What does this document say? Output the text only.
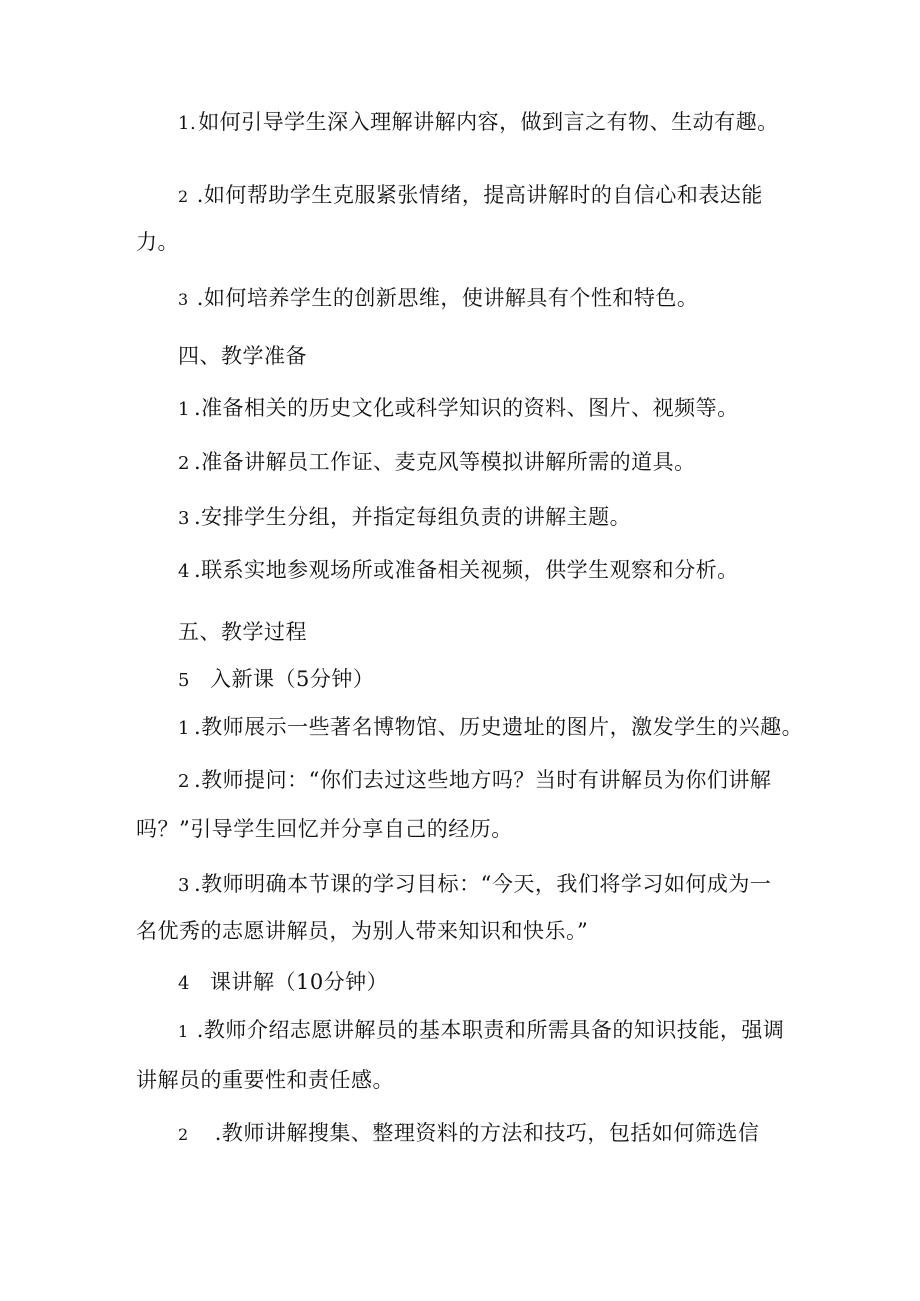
1.如何引导学生深入理解讲解内容，做到言之有物、生动有趣。
2 .如何帮助学生克服紧张情绪，提高讲解时的自信心和表达能
力。
3 .如何培养学生的创新思维，使讲解具有个性和特色。
四、教学准备
1 .准备相关的历史文化或科学知识的资料、图片、视频等。
2 .准备讲解员工作证、麦克风等模拟讲解所需的道具。
3 .安排学生分组，并指定每组负责的讲解主题。
4 .联系实地参观场所或准备相关视频，供学生观察和分析。
五、教学过程
5 入新课（5分钟）
1 .教师展示一些著名博物馆、历史遗址的图片，激发学生的兴趣。
2 .教师提问：“你们去过这些地方吗？当时有讲解员为你们讲解
吗？”引导学生回忆并分享自己的经历。
3 .教师明确本节课的学习目标：“今天，我们将学习如何成为一
名优秀的志愿讲解员，为别人带来知识和快乐。”
4 课讲解（10分钟）
1 .教师介绍志愿讲解员的基本职责和所需具备的知识技能，强调
讲解员的重要性和责任感。
2 .教师讲解搜集、整理资料的方法和技巧，包括如何筛选信
